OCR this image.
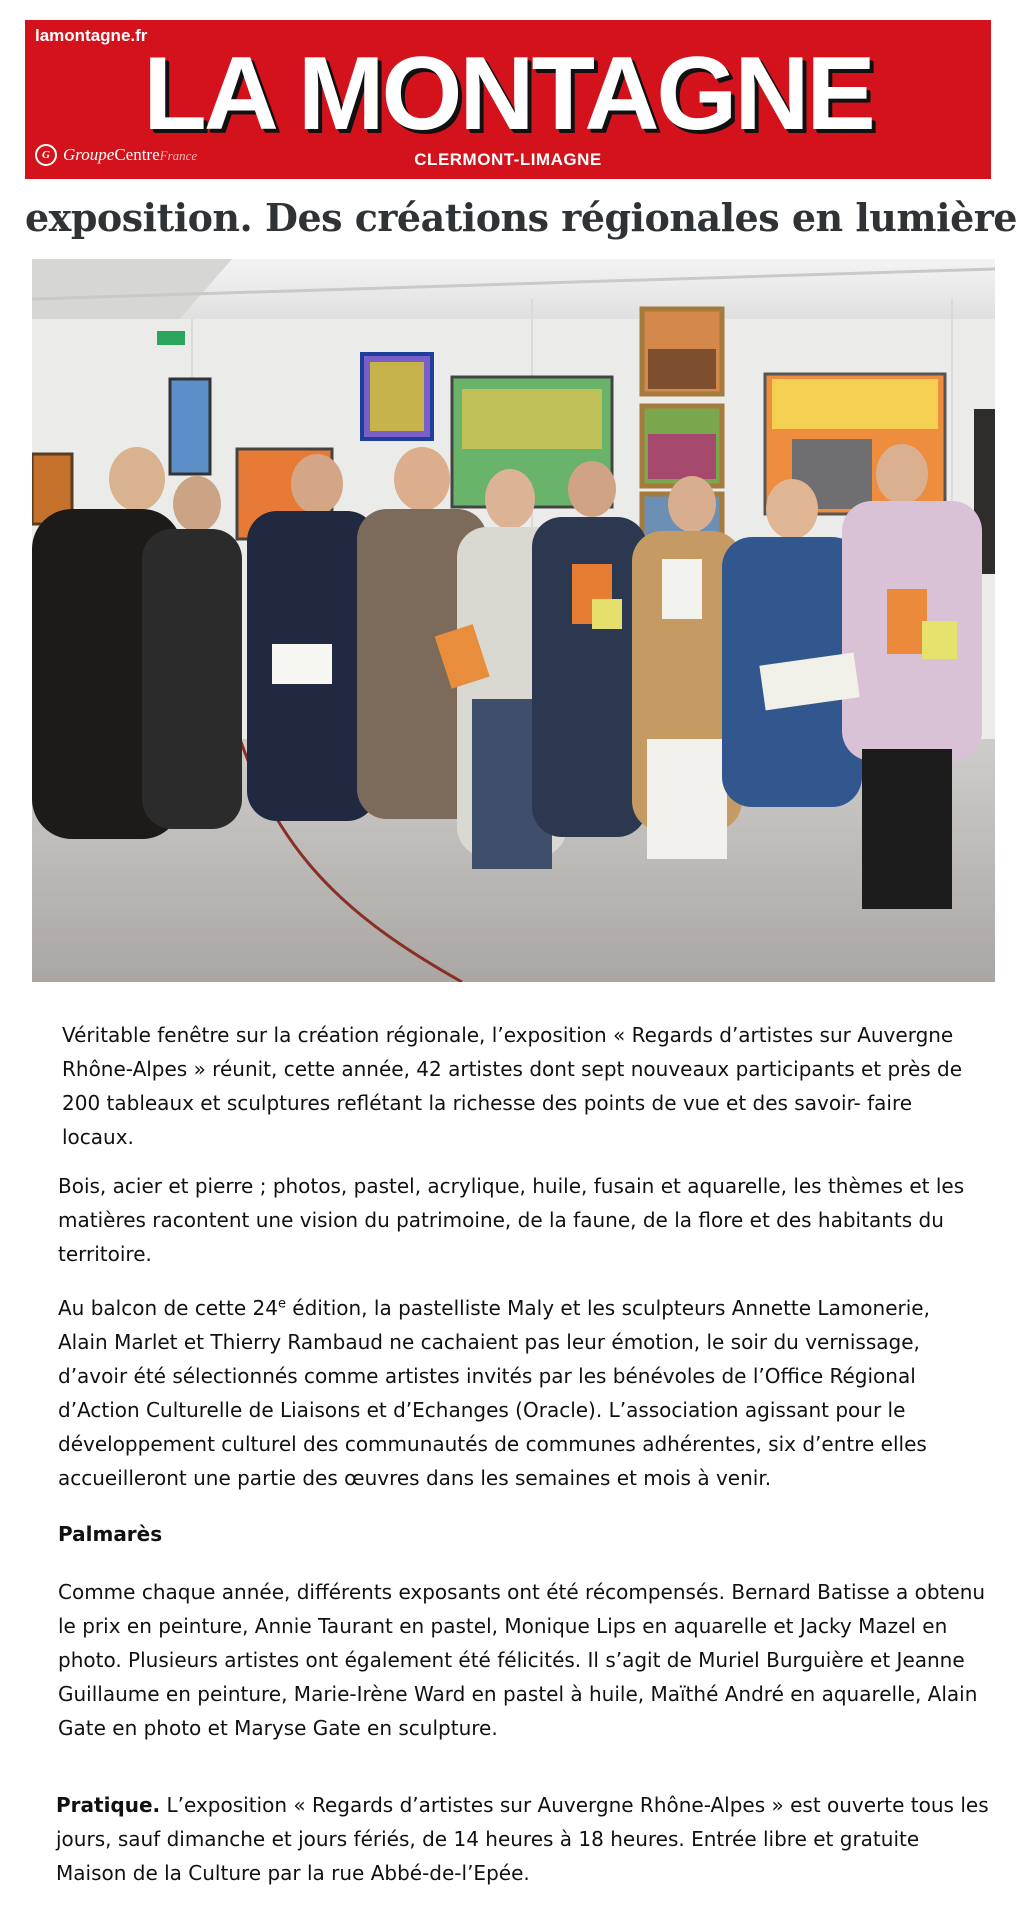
lamontagne.fr
LA MONTAGNE
G GroupeCentreFrance	CLERMONT-LIMAGNE
exposition. Des créations régionales en lumière

Véritable fenêtre sur la création régionale, l’exposition « Regards d’artistes sur Auvergne Rhône-Alpes » réunit, cette année, 42 artistes dont sept nouveaux participants et près de 200 tableaux et sculptures reflétant la richesse des points de vue et des savoir- faire locaux.

Bois, acier et pierre ; photos, pastel, acrylique, huile, fusain et aquarelle, les thèmes et les matières racontent une vision du patrimoine, de la faune, de la flore et des habitants du territoire.

Au balcon de cette 24e édition, la pastelliste Maly et les sculpteurs Annette Lamonerie, Alain Marlet et Thierry Rambaud ne cachaient pas leur émotion, le soir du vernissage, d’avoir été sélectionnés comme artistes invités par les bénévoles de l’Office Régional d’Action Culturelle de Liaisons et d’Echanges (Oracle). L’association agissant pour le développement culturel des communautés de communes adhérentes, six d’entre elles accueilleront une partie des œuvres dans les semaines et mois à venir.

Palmarès

Comme chaque année, différents exposants ont été récompensés. Bernard Batisse a obtenu le prix en peinture, Annie Taurant en pastel, Monique Lips en aquarelle et Jacky Mazel en photo. Plusieurs artistes ont également été félicités. Il s’agit de Muriel Burguière et Jeanne Guillaume en peinture, Marie-Irène Ward en pastel à huile, Maïthé André en aquarelle, Alain Gate en photo et Maryse Gate en sculpture.

Pratique. L’exposition « Regards d’artistes sur Auvergne Rhône-Alpes » est ouverte tous les jours, sauf dimanche et jours fériés, de 14 heures à 18 heures. Entrée libre et gratuite Maison de la Culture par la rue Abbé-de-l’Epée.
